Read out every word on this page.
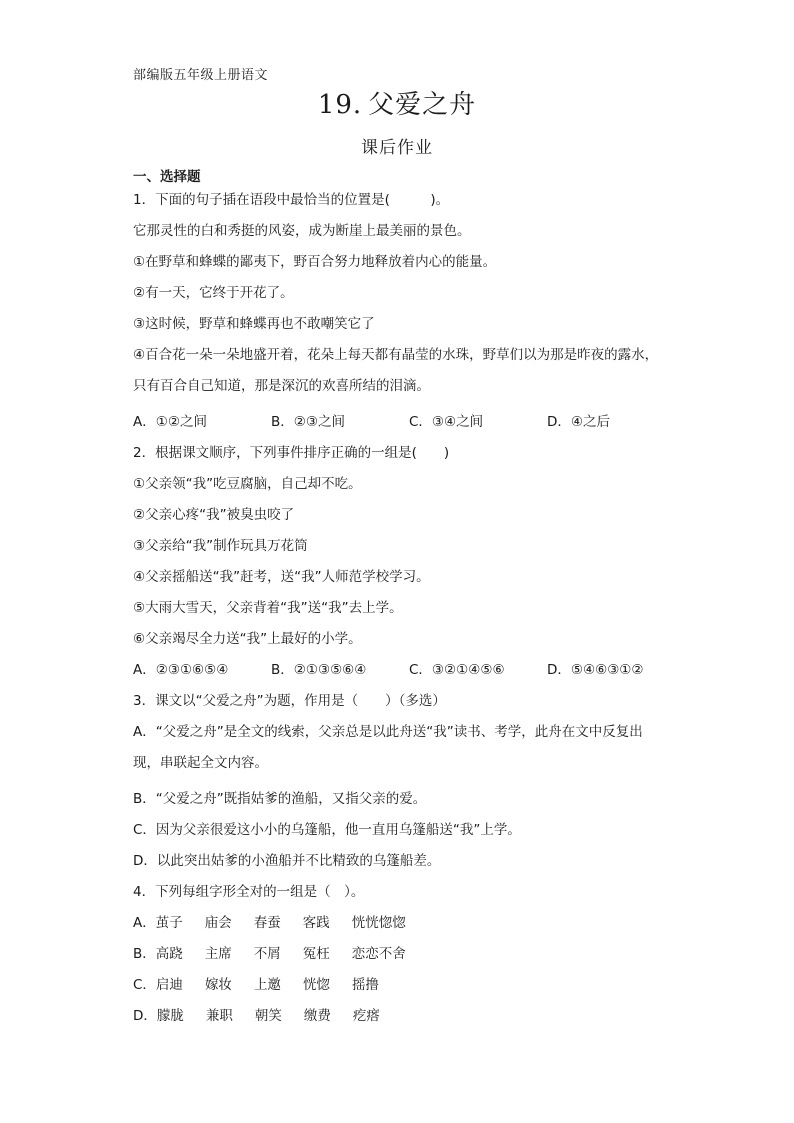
部编版五年级上册语文
19. 父爱之舟
课后作业
一、选择题
1．下面的句子插在语段中最恰当的位置是(　　　)。
它那灵性的白和秀挺的风姿，成为断崖上最美丽的景色。
①在野草和蜂蝶的鄙夷下，野百合努力地释放着内心的能量。
②有一天，它终于开花了。
③这时候，野草和蜂蝶再也不敢嘲笑它了
④百合花一朵一朵地盛开着，花朵上每天都有晶莹的水珠，野草们以为那是昨夜的露水，只有百合自己知道，那是深沉的欢喜所结的泪滴。
A．①②之间	B．②③之间	C．③④之间	D．④之后
2．根据课文顺序，下列事件排序正确的一组是(　　)
①父亲领“我”吃豆腐脑，自己却不吃。
②父亲心疼“我”被臭虫咬了
③父亲给“我”制作玩具万花筒
④父亲摇船送“我”赶考，送“我”人师范学校学习。
⑤大雨大雪天，父亲背着“我”送“我”去上学。
⑥父亲竭尽全力送“我”上最好的小学。
A．②③①⑥⑤④	B．②①③⑤⑥④	C．③②①④⑤⑥	D．⑤④⑥③①②
3．课文以“父爱之舟”为题，作用是（　　）（多选）
A．“父爱之舟”是全文的线索，父亲总是以此舟送“我”读书、考学，此舟在文中反复出现，串联起全文内容。
B．“父爱之舟”既指姑爹的渔船，又指父亲的爱。
C．因为父亲很爱这小小的乌篷船，他一直用乌篷船送“我”上学。
D．以此突出姑爹的小渔船并不比精致的乌篷船差。
4．下列每组字形全对的一组是（　）。
A．茧子 庙会 春蚕 客践 恍恍惚惚
B．高跷 主席 不屑 冤枉 恋恋不舍
C．启迪 嫁妆 上邀 恍惚 摇撸
D．朦胧 兼职 朝笑 缴费 疙瘩
